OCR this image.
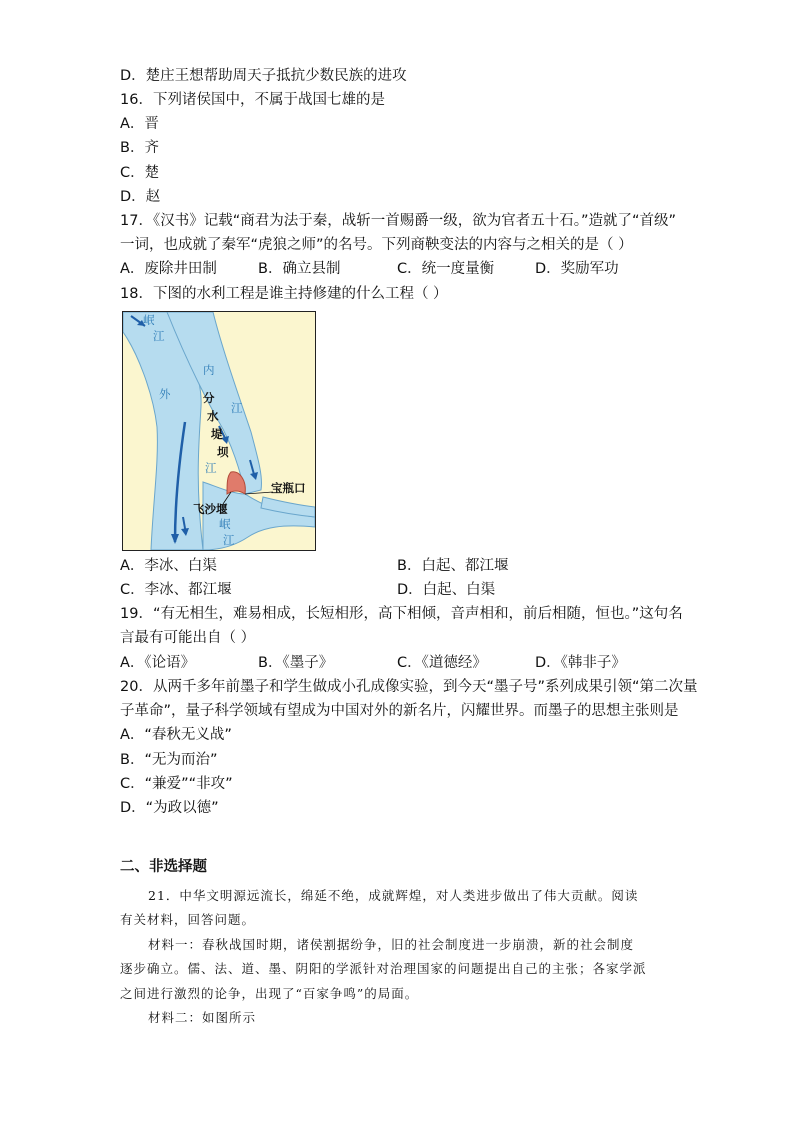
D．楚庄王想帮助周天子抵抗少数民族的进攻
16．下列诸侯国中，不属于战国七雄的是
A．晋
B．齐
C．楚
D．赵
17．《汉书》记载“商君为法于秦，战斩一首赐爵一级，欲为官者五十石。”造就了“首级”
一词，也成就了秦军“虎狼之师”的名号。下列商鞅变法的内容与之相关的是（ ）
A．废除井田制	B．确立县制	C．统一度量衡	D．奖励军功
18．下图的水利工程是谁主持修建的什么工程（ ）
岷
江
内
江
外
江
分
水
堤
坝
宝瓶口
飞沙堰
岷
江
A．李冰、白渠	B．白起、都江堰
C．李冰、都江堰	D．白起、白渠
19．“有无相生，难易相成，长短相形，高下相倾，音声相和，前后相随，恒也。”这句名
言最有可能出自（ ）
A．《论语》	B．《墨子》	C．《道德经》	D．《韩非子》
20．从两千多年前墨子和学生做成小孔成像实验，到今天“墨子号”系列成果引领“第二次量
子革命”，量子科学领域有望成为中国对外的新名片，闪耀世界。而墨子的思想主张则是
A．“春秋无义战”
B．“无为而治”
C．“兼爱”“非攻”
D．“为政以德”
二、非选择题
21．中华文明源远流长，绵延不绝，成就辉煌，对人类进步做出了伟大贡献。阅读
有关材料，回答问题。
材料一：春秋战国时期，诸侯割据纷争，旧的社会制度进一步崩溃，新的社会制度
逐步确立。儒、法、道、墨、阴阳的学派针对治理国家的问题提出自己的主张；各家学派
之间进行激烈的论争，出现了“百家争鸣”的局面。
材料二：如图所示
